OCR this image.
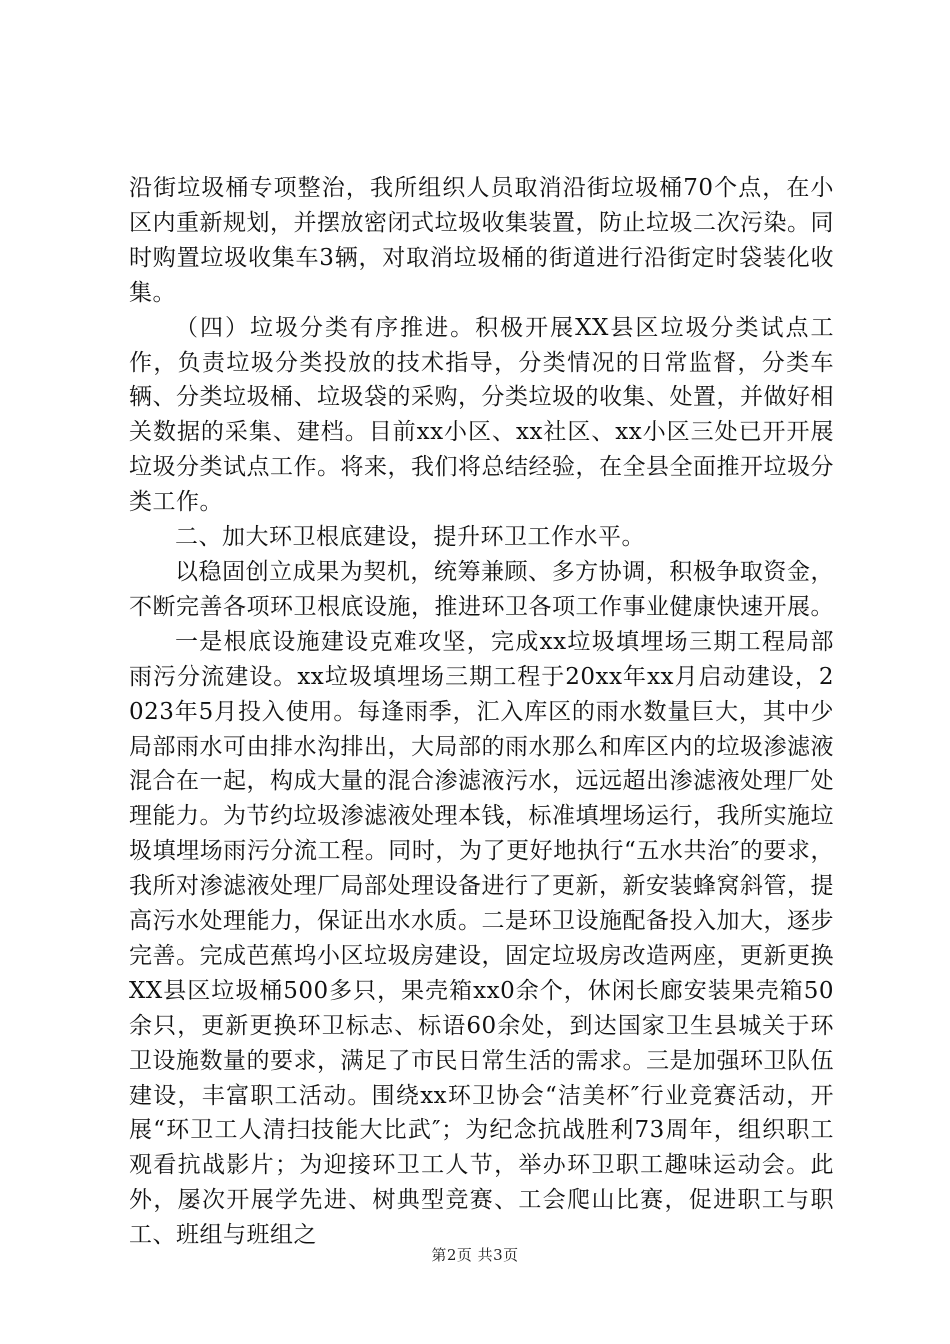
沿街垃圾桶专项整治，我所组织人员取消沿街垃圾桶70个点，在小区内重新规划，并摆放密闭式垃圾收集装置，防止垃圾二次污染。同时购置垃圾收集车3辆，对取消垃圾桶的街道进行沿街定时袋装化收集。

（四）垃圾分类有序推进。积极开展XX县区垃圾分类试点工作，负责垃圾分类投放的技术指导，分类情况的日常监督，分类车辆、分类垃圾桶、垃圾袋的采购，分类垃圾的收集、处置，并做好相关数据的采集、建档。目前xx小区、xx社区、xx小区三处已开开展垃圾分类试点工作。将来，我们将总结经验，在全县全面推开垃圾分类工作。

二、加大环卫根底建设，提升环卫工作水平。

以稳固创立成果为契机，统筹兼顾、多方协调，积极争取资金，不断完善各项环卫根底设施，推进环卫各项工作事业健康快速开展。

一是根底设施建设克难攻坚，完成xx垃圾填埋场三期工程局部雨污分流建设。xx垃圾填埋场三期工程于20xx年xx月启动建设，2023年5月投入使用。每逢雨季，汇入库区的雨水数量巨大，其中少局部雨水可由排水沟排出，大局部的雨水那么和库区内的垃圾渗滤液混合在一起，构成大量的混合渗滤液污水，远远超出渗滤液处理厂处理能力。为节约垃圾渗滤液处理本钱，标准填埋场运行，我所实施垃圾填埋场雨污分流工程。同时，为了更好地执行“五水共治″的要求，我所对渗滤液处理厂局部处理设备进行了更新，新安装蜂窝斜管，提高污水处理能力，保证出水水质。二是环卫设施配备投入加大，逐步完善。完成芭蕉坞小区垃圾房建设，固定垃圾房改造两座，更新更换XX县区垃圾桶500多只，果壳箱xx0余个，休闲长廊安装果壳箱50余只，更新更换环卫标志、标语60余处，到达国家卫生县城关于环卫设施数量的要求，满足了市民日常生活的需求。三是加强环卫队伍建设，丰富职工活动。围绕xx环卫协会“洁美杯″行业竞赛活动，开展“环卫工人清扫技能大比武″；为纪念抗战胜利73周年，组织职工观看抗战影片；为迎接环卫工人节，举办环卫职工趣味运动会。此外，屡次开展学先进、树典型竞赛、工会爬山比赛，促进职工与职工、班组与班组之

第2页 共3页
